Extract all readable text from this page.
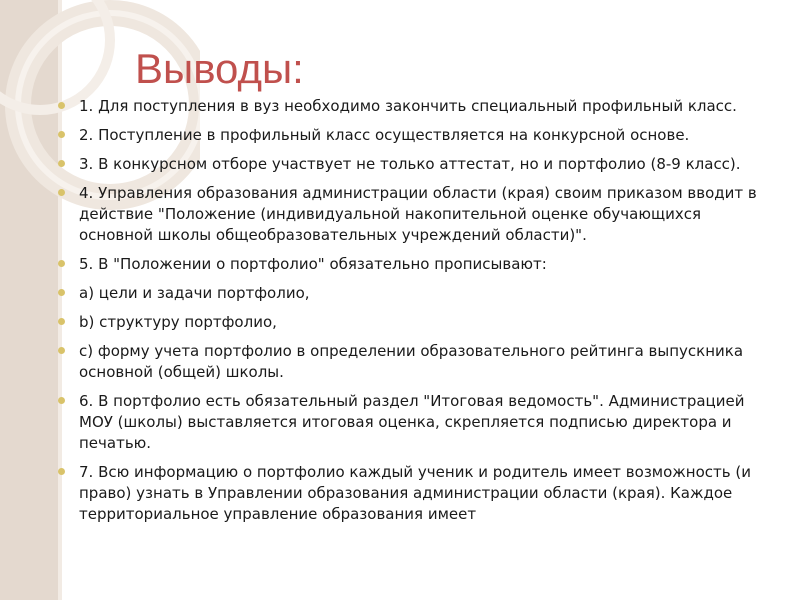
Выводы:
1. Для поступления в вуз необходимо закончить специальный профильный класс.
2. Поступление в профильный класс осуществляется на конкурсной основе.
3. В конкурсном отборе участвует не только аттестат, но и портфолио (8-9 класс).
4. Управления образования администрации области (края) своим приказом вводит в действие "Положение (индивидуальной накопительной оценке обучающихся основной школы общеобразовательных учреждений области)".
5. В "Положении о портфолио" обязательно прописывают:
a) цели и задачи портфолио,
b) структуру портфолио,
c) форму учета портфолио в определении образовательного рейтинга выпускника основной (общей) школы.
6. В портфолио есть обязательный раздел "Итоговая ведомость". Администрацией МОУ (школы) выставляется итоговая оценка, скрепляется подписью директора и печатью.
7. Всю информацию о портфолио каждый ученик и родитель имеет возможность (и право) узнать в Управлении образования администрации области (края). Каждое территориальное управление образования имеет
